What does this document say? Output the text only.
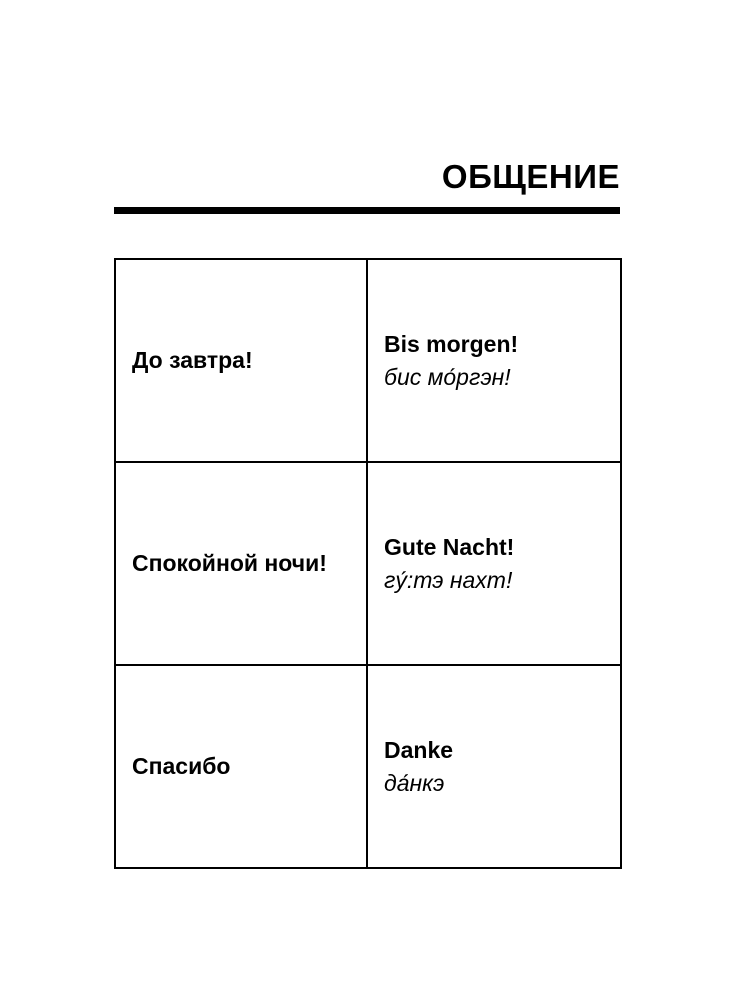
ОБЩЕНИЕ
До завтра!	Bis morgen!
бис мо́ргэн!

Спокойной ночи!	Gute Nacht!
гу́:тэ нахт!

Спасибо	Danke
да́нкэ
